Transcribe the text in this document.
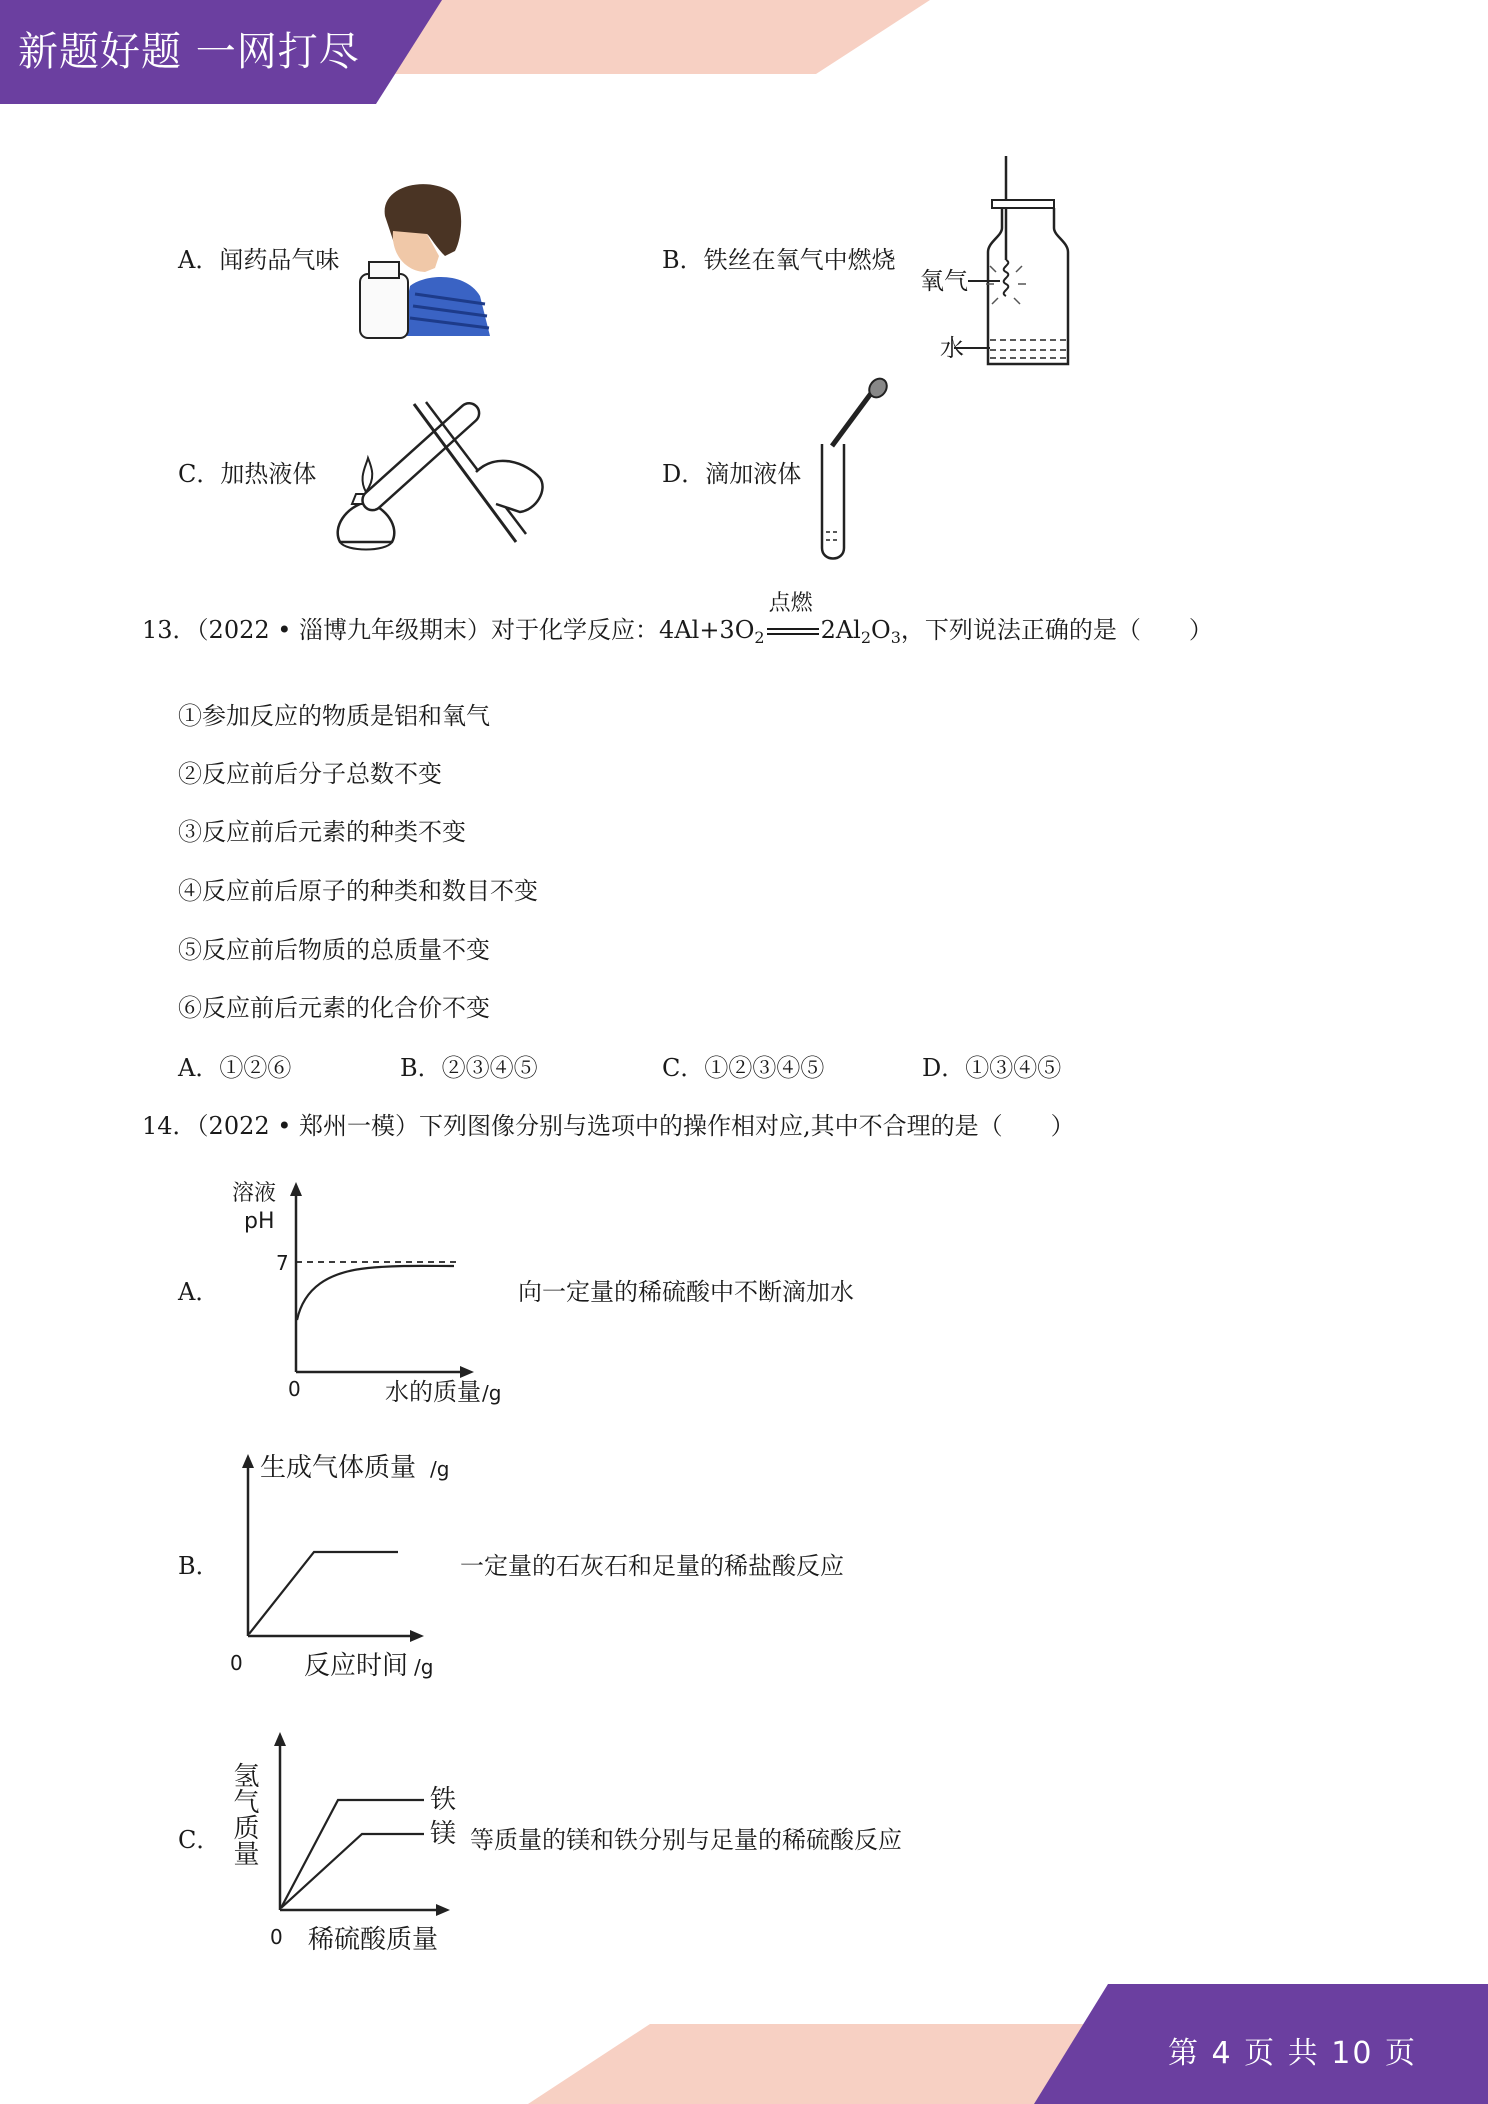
新题好题 一网打尽
A．闻药品气味	B．铁丝在氧气中燃烧
氧气
水
C．加热液体	D．滴加液体
13．（2022 • 淄博九年级期末）对于化学反应：$4Al+3O_2$
点燃
$2Al_2O_3$，下列说法正确的是（　　）
①参加反应的物质是铝和氧气
②反应前后分子总数不变
③反应前后元素的种类不变
④反应前后原子的种类和数目不变
⑤反应前后物质的总质量不变
⑥反应前后元素的化合价不变
A．①②⑥	B．②③④⑤	C．①②③④⑤	D．①③④⑤
14．（2022 • 郑州一模）下列图像分别与选项中的操作相对应,其中不合理的是（　　）
A．	向一定量的稀硫酸中不断滴加水
溶液
pH
7
0	水的质量 /g
B．	一定量的石灰石和足量的稀盐酸反应
生成气体质量 /g
0 反应时间 /g
C．	等质量的镁和铁分别与足量的稀硫酸反应
铁
镁
氢气质量
0 稀硫酸质量
第 4 页 共 10 页
